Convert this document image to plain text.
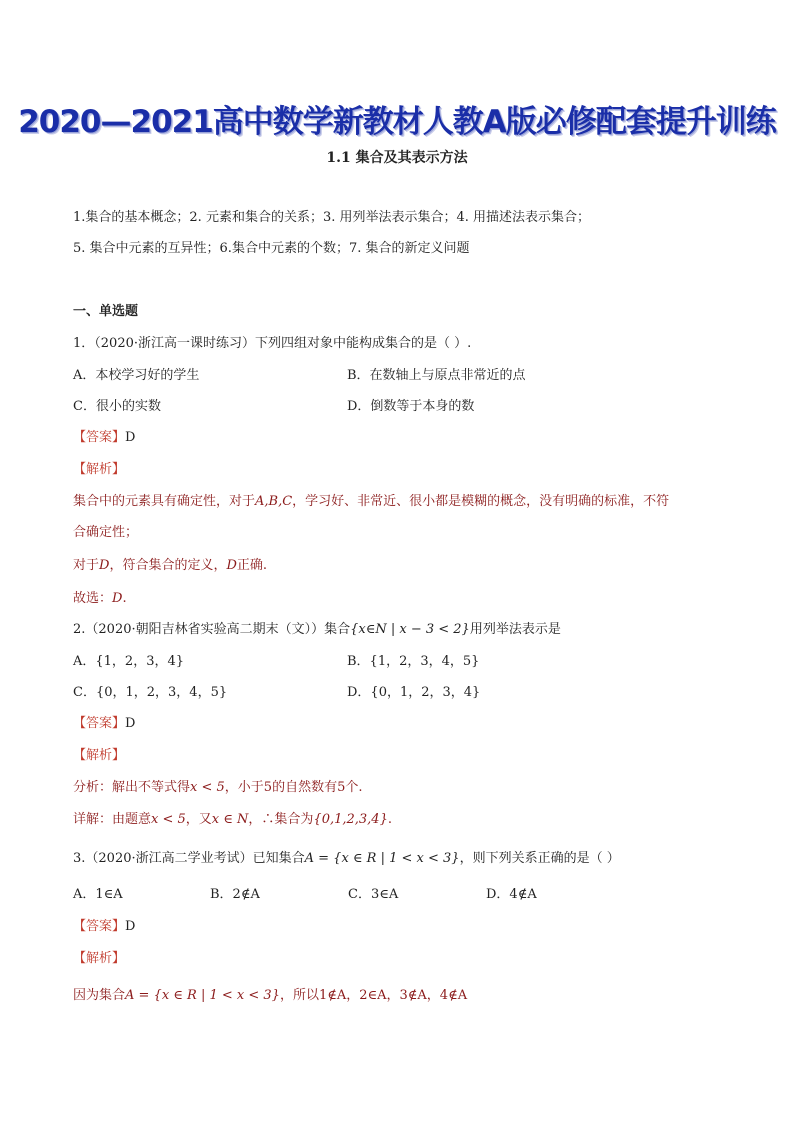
2020—2021高中数学新教材人教A版必修配套提升训练
1.1 集合及其表示方法
1.集合的基本概念；2. 元素和集合的关系；3. 用列举法表示集合；4. 用描述法表示集合；
5. 集合中元素的互异性；6.集合中元素的个数；7. 集合的新定义问题
一、单选题
1．（2020·浙江高一课时练习）下列四组对象中能构成集合的是（ ）.
A．本校学习好的学生	B．在数轴上与原点非常近的点
C．很小的实数	D．倒数等于本身的数
【答案】D
【解析】
集合中的元素具有确定性，对于A,B,C，学习好、非常近、很小都是模糊的概念，没有明确的标准，不符
合确定性；
对于D，符合集合的定义，D正确.
故选：D.
2.（2020·朝阳吉林省实验高二期末（文））集合{x∈N | x − 3 < 2}用列举法表示是
A．{1，2，3，4}	B．{1，2，3，4，5}
C．{0，1，2，3，4，5}	D．{0，1，2，3，4}
【答案】D
【解析】
分析：解出不等式得x < 5，小于5的自然数有5个.
详解：由题意x < 5，又x ∈ N，∴集合为{0,1,2,3,4}.
3.（2020·浙江高二学业考试）已知集合A = {x ∈ R | 1 < x < 3}，则下列关系正确的是（ ）
A．1∈A	B．2∉A	C．3∈A	D．4∉A
【答案】D
【解析】
因为集合A = {x ∈ R | 1 < x < 3}，所以1∉A，2∈A，3∉A，4∉A
